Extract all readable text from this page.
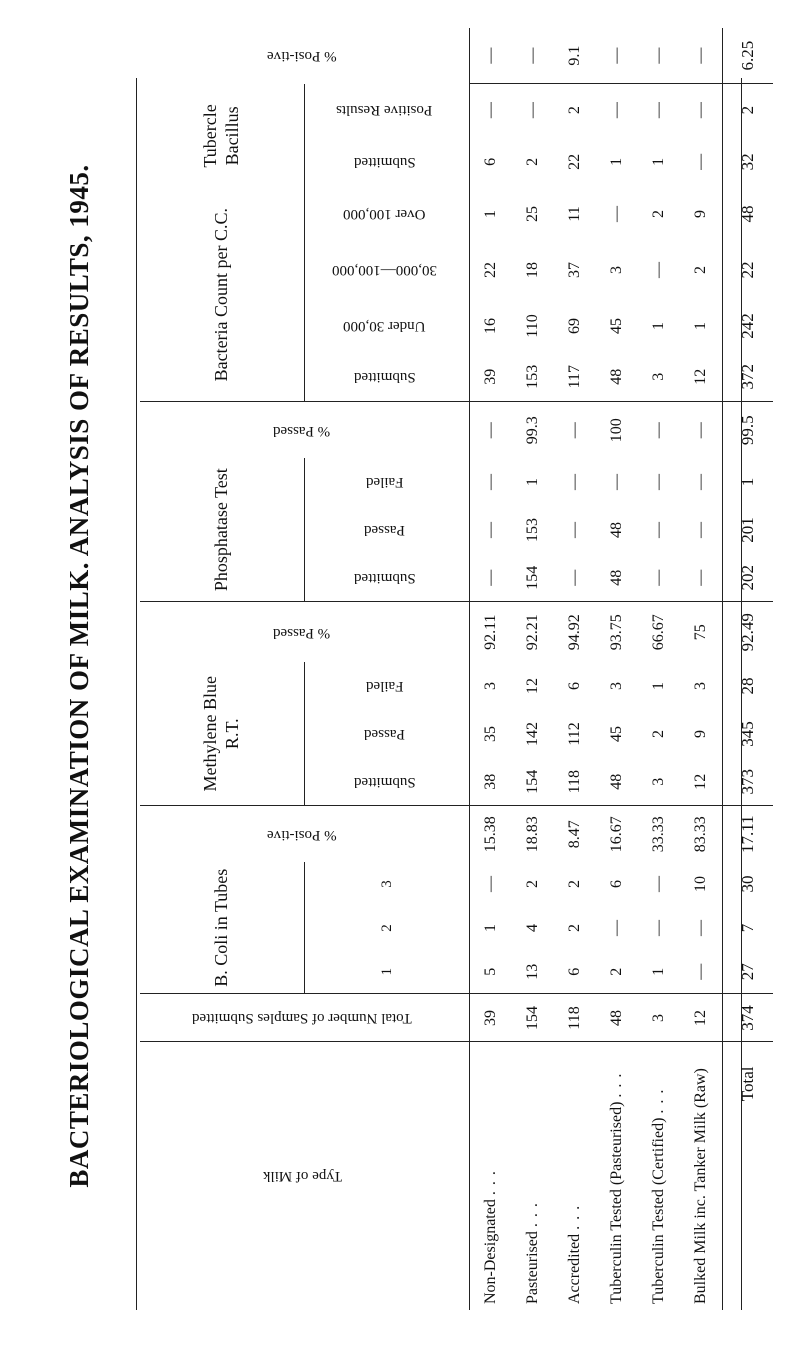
BACTERIOLOGICAL EXAMINATION OF MILK. ANALYSIS OF RESULTS, 1945.	Type of Milk	Total Number of Samples Submitted	B. Coli in Tubes			% Posi-tive	Methylene Blue R.T.			% Passed	Phosphatase Test			% Passed	Bacteria Count per C.C.				Tubercle Bacillus		% Posi-tive
		1	2	3		Submitted	Passed	Failed		Submitted	Passed	Failed		Submitted	Under 30,000	30,000—100,000	Over 100,000	Submitted	Positive Results	
Non-Designated ...	39	5	1	—	15.38	38	35	3	92.11	—	—	—	—	39	16	22	1	6	—	—
Pasteurised ...	154	13	4	2	18.83	154	142	12	92.21	154	153	1	99.3	153	110	18	25	2	—	—
Accredited ...	118	6	2	2	8.47	118	112	6	94.92	—	—	—	—	117	69	37	11	22	2	9.1
Tuberculin Tested (Pasteurised) ...	48	2	—	6	16.67	48	45	3	93.75	48	48	—	100	48	45	3	—	1	—	—
Tuberculin Tested (Certified) ...	3	1	—	—	33.33	3	2	1	66.67	—	—	—	—	3	1	—	2	1	—	—
Bulked Milk inc. Tanker Milk (Raw)	12	—	—	10	83.33	12	9	3	75	—	—	—	—	12	1	2	9	—	—	—
Total	374	27	7	30	17.11	373	345	28	92.49	202	201	1	99.5	372	242	22	48	32	2	6.25
